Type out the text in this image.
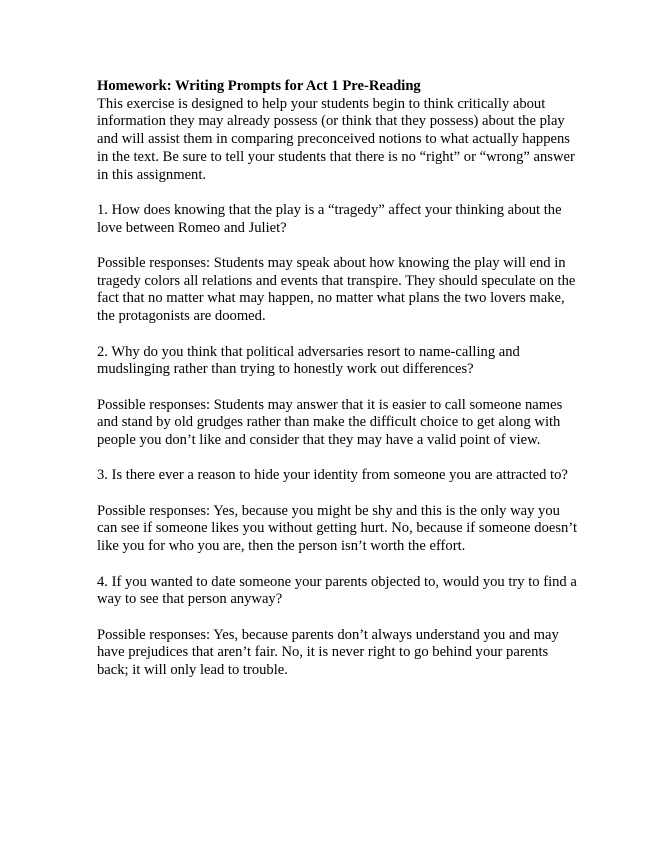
Homework: Writing Prompts for Act 1 Pre-Reading

This exercise is designed to help your students begin to think critically about information they may already possess (or think that they possess) about the play and will assist them in comparing preconceived notions to what actually happens in the text. Be sure to tell your students that there is no “right” or “wrong” answer in this assignment.

1. How does knowing that the play is a “tragedy” affect your thinking about the love between Romeo and Juliet?

Possible responses: Students may speak about how knowing the play will end in tragedy colors all relations and events that transpire. They should speculate on the fact that no matter what may happen, no matter what plans the two lovers make, the protagonists are doomed.

2. Why do you think that political adversaries resort to name-calling and mudslinging rather than trying to honestly work out differences?

Possible responses: Students may answer that it is easier to call someone names and stand by old grudges rather than make the difficult choice to get along with people you don’t like and consider that they may have a valid point of view.

3. Is there ever a reason to hide your identity from someone you are attracted to?

Possible responses: Yes, because you might be shy and this is the only way you can see if someone likes you without getting hurt. No, because if someone doesn’t like you for who you are, then the person isn’t worth the effort.

4. If you wanted to date someone your parents objected to, would you try to find a way to see that person anyway?

Possible responses: Yes, because parents don’t always understand you and may have prejudices that aren’t fair. No, it is never right to go behind your parents back; it will only lead to trouble.
